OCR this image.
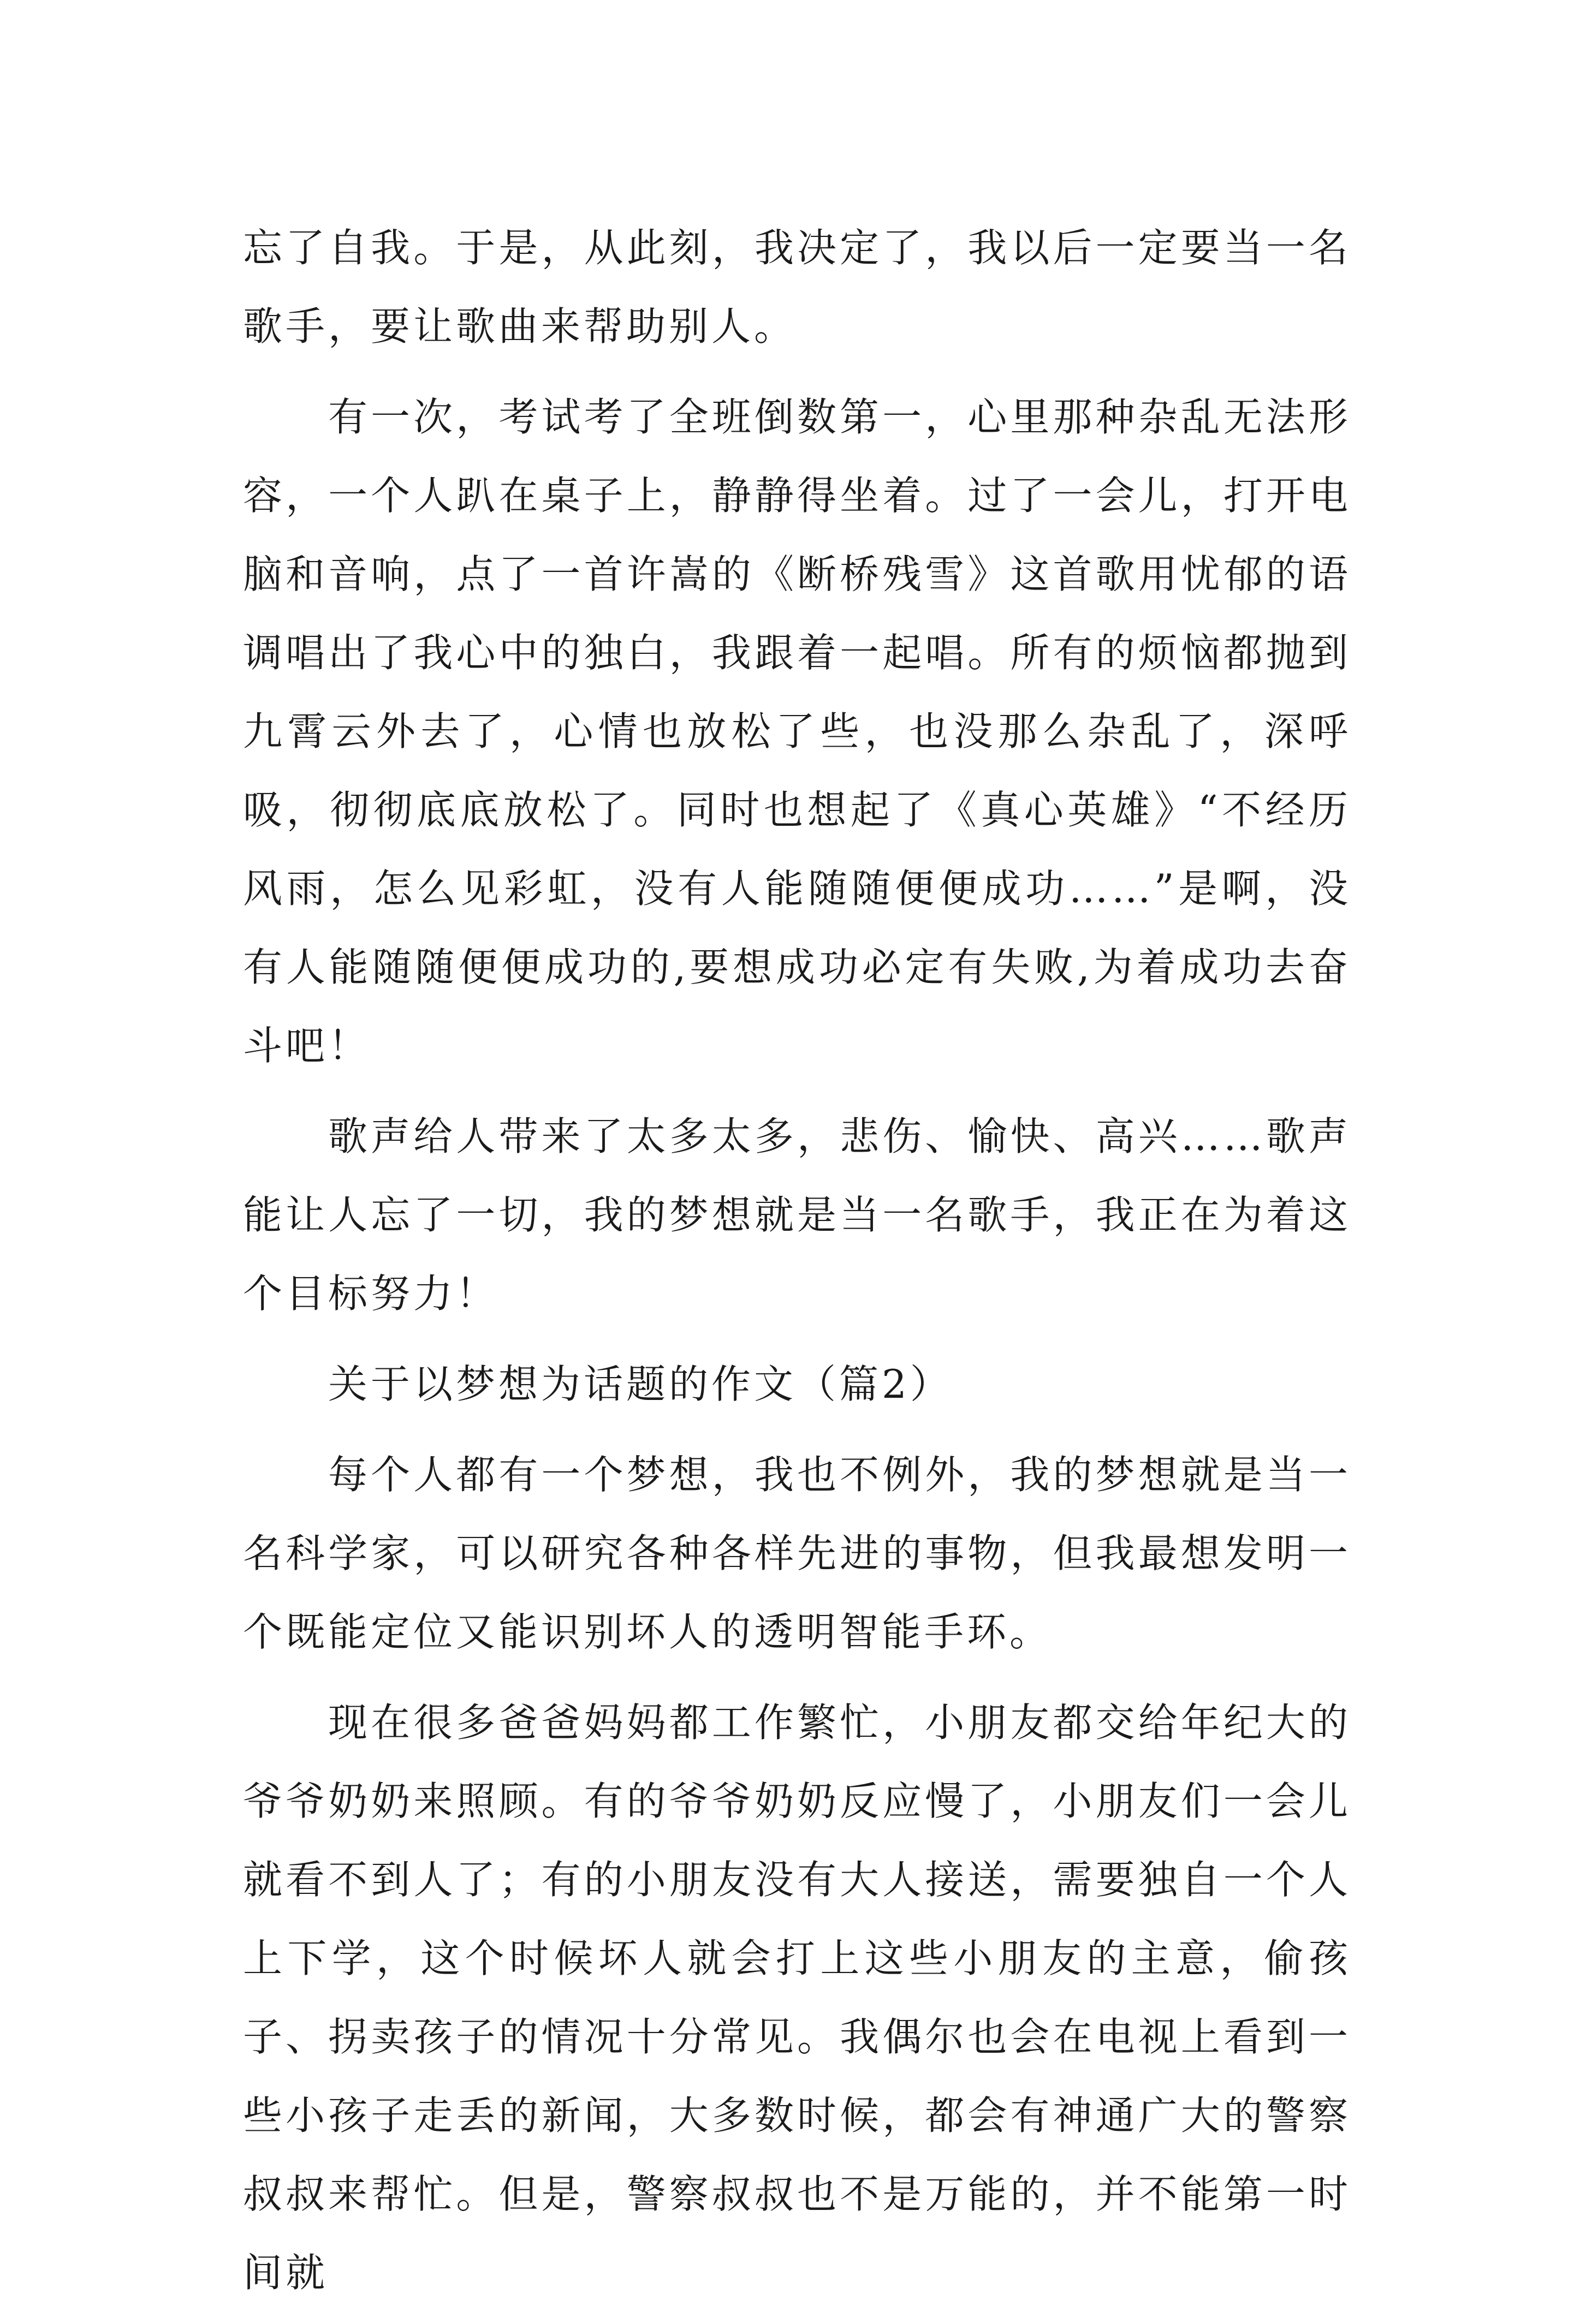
忘了自我。于是，从此刻，我决定了，我以后一定要当一名歌手，要让歌曲来帮助别人。

有一次，考试考了全班倒数第一，心里那种杂乱无法形容，一个人趴在桌子上，静静得坐着。过了一会儿，打开电脑和音响，点了一首许嵩的《断桥残雪》这首歌用忧郁的语调唱出了我心中的独白，我跟着一起唱。所有的烦恼都抛到九霄云外去了，心情也放松了些，也没那么杂乱了，深呼吸，彻彻底底放松了。同时也想起了《真心英雄》“不经历风雨，怎么见彩虹，没有人能随随便便成功……”是啊，没有人能随随便便成功的,要想成功必定有失败,为着成功去奋斗吧！

歌声给人带来了太多太多，悲伤、愉快、高兴……歌声能让人忘了一切，我的梦想就是当一名歌手，我正在为着这个目标努力！

关于以梦想为话题的作文（篇2）

每个人都有一个梦想，我也不例外，我的梦想就是当一名科学家，可以研究各种各样先进的事物，但我最想发明一个既能定位又能识别坏人的透明智能手环。

现在很多爸爸妈妈都工作繁忙，小朋友都交给年纪大的爷爷奶奶来照顾。有的爷爷奶奶反应慢了，小朋友们一会儿就看不到人了；有的小朋友没有大人接送，需要独自一个人上下学，这个时候坏人就会打上这些小朋友的主意，偷孩子、拐卖孩子的情况十分常见。我偶尔也会在电视上看到一些小孩子走丢的新闻，大多数时候，都会有神通广大的警察叔叔来帮忙。但是，警察叔叔也不是万能的，并不能第一时间就
